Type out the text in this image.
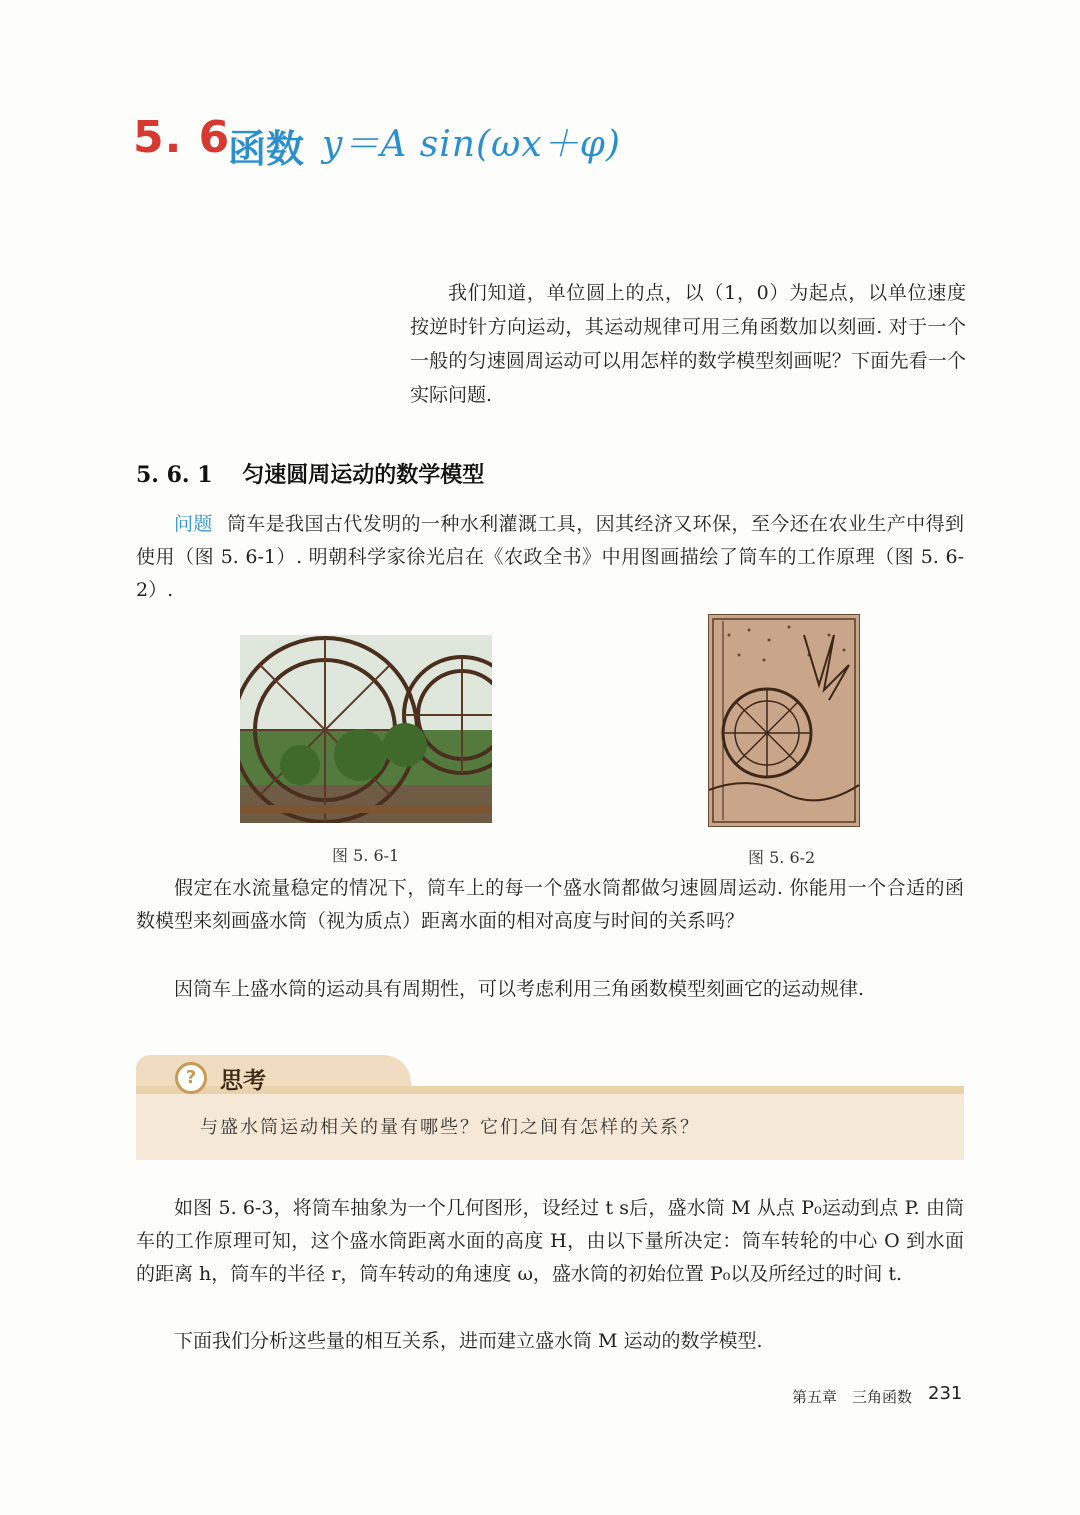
5. 6
函数 y＝A sin(ωx＋φ)
我们知道，单位圆上的点，以（1，0）为起点，以单位速度按逆时针方向运动，其运动规律可用三角函数加以刻画. 对于一个一般的匀速圆周运动可以用怎样的数学模型刻画呢？下面先看一个实际问题.
5. 6. 1 匀速圆周运动的数学模型
问题 筒车是我国古代发明的一种水利灌溉工具，因其经济又环保，至今还在农业生产中得到使用（图 5. 6-1）. 明朝科学家徐光启在《农政全书》中用图画描绘了筒车的工作原理（图 5. 6-2）.
图 5. 6-1	图 5. 6-2
假定在水流量稳定的情况下，筒车上的每一个盛水筒都做匀速圆周运动. 你能用一个合适的函数模型来刻画盛水筒（视为质点）距离水面的相对高度与时间的关系吗？
因筒车上盛水筒的运动具有周期性，可以考虑利用三角函数模型刻画它的运动规律.
?	思考
与盛水筒运动相关的量有哪些？它们之间有怎样的关系？
如图 5. 6-3，将筒车抽象为一个几何图形，设经过 t s后，盛水筒 M 从点 P₀运动到点 P. 由筒车的工作原理可知，这个盛水筒距离水面的高度 H，由以下量所决定：筒车转轮的中心 O 到水面的距离 h，筒车的半径 r，筒车转动的角速度 ω，盛水筒的初始位置 P₀以及所经过的时间 t.
下面我们分析这些量的相互关系，进而建立盛水筒 M 运动的数学模型.
第五章　三角函数 231
